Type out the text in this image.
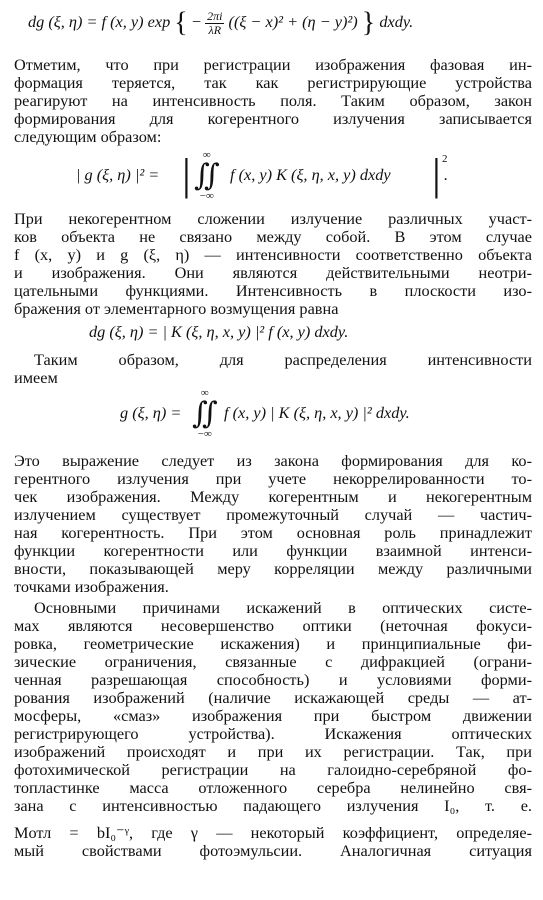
dg (ξ, η) = f (x, y) exp { − $\frac{2\pi i}{\lambda R} ((\xi - x)^2 + (\eta - y)^2)$ } dxdy.
Отметим, что при регистрации изображения фазовая ин-
формация теряется, так как регистрирующие устройства
реагируют на интенсивность поля. Таким образом, закон
формирования для когерентного излучения записывается
следующим образом:
| g (ξ, η) |² = |	∞
∬
−∞
f (x, y) K (ξ, η, x, y) dxdy | 2
.
При некогерентном сложении излучение различных участ-
ков объекта не связано между собой. В этом случае
f (x, y) и g (ξ, η) — интенсивности соответственно объекта
и изображения. Они являются действительными неотри-
цательными функциями. Интенсивность в плоскости изо-
бражения от элементарного возмущения равна
dg (ξ, η) = | K (ξ, η, x, y) |² f (x, y) dxdy.
Таким образом, для распределения интенсивности
имеем
g (ξ, η) =
∞
∬
−∞
f (x, y) | K (ξ, η, x, y) |² dxdy.
Это выражение следует из закона формирования для ко-
герентного излучения при учете некоррелированности то-
чек изображения. Между когерентным и некогерентным
излучением существует промежуточный случай — частич-
ная когерентность. При этом основная роль принадлежит
функции когерентности или функции взаимной интенси-
вности, показывающей меру корреляции между различными
точками изображения.
Основными причинами искажений в оптических систе-
мах являются несовершенство оптики (неточная фокуси-
ровка, геометрические искажения) и принципиальные фи-
зические ограничения, связанные с дифракцией (ограни-
ченная разрешающая способность) и условиями форми-
рования изображений (наличие искажающей среды — ат-
мосферы, «смаз» изображения при быстром движении
регистрирующего устройства). Искажения оптических
изображений происходят и при их регистрации. Так, при
фотохимической регистрации на галоидно-серебряной фо-
топластинке масса отложенного серебра нелинейно свя-
зана с интенсивностью падающего излучения I₀, т. е.
Mотл = bI₀⁻ᵞ, где γ — некоторый коэффициент, определяе-
мый свойствами фотоэмульсии. Аналогичная ситуация
